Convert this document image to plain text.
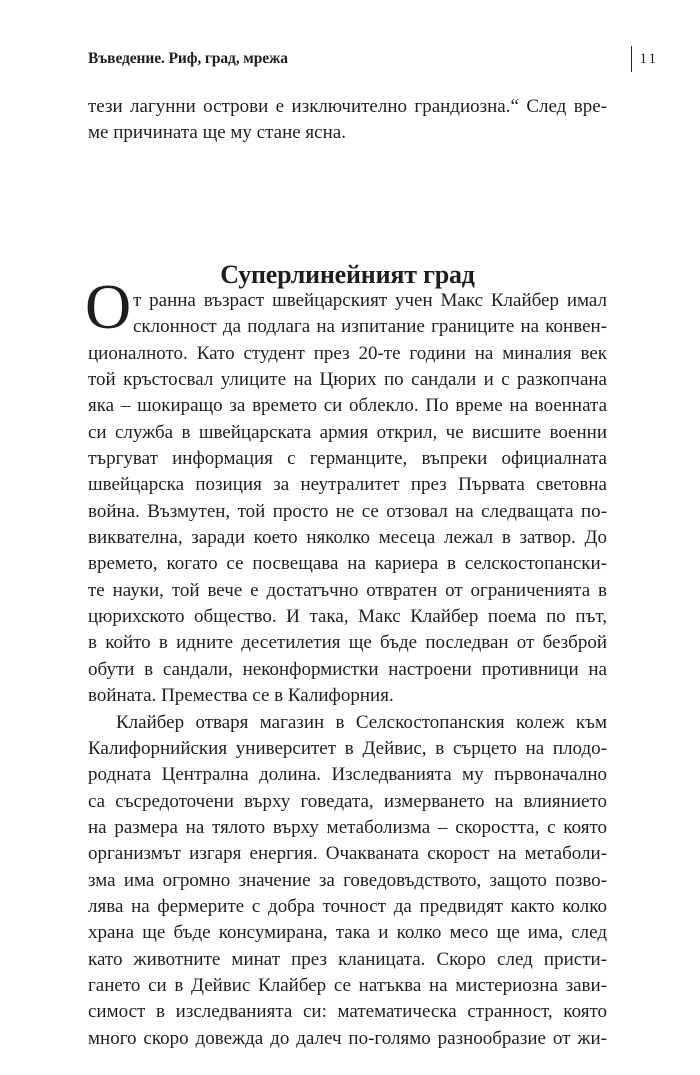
Въведение. Риф, град, мрежа	11
тези лагунни острови е изключително грандиозна.“ След вре-
ме причината ще му стане ясна.
Суперлинейният град
О т ранна възраст швейцарският учен Макс Клайбер имал
склонност да подлага на изпитание границите на конвен-
ционалното. Като студент през 20-те години на миналия век
той кръстосвал улиците на Цюрих по сандали и с разкопчана
яка – шокиращо за времето си облекло. По време на военната
си служба в швейцарската армия открил, че висшите военни
търгуват информация с германците, въпреки официалната
швейцарска позиция за неутралитет през Първата световна
война. Възмутен, той просто не се отзовал на следващата по-
виквателна, заради което няколко месеца лежал в затвор. До
времето, когато се посвещава на кариера в селскостопански-
те науки, той вече е достатъчно отвратен от ограниченията в
цюрихското общество. И така, Макс Клайбер поема по път,
в който в идните десетилетия ще бъде последван от безброй
обути в сандали, неконформистки настроени противници на
войната. Премества се в Калифорния.
Клайбер отваря магазин в Селскостопанския колеж към
Калифорнийския университет в Дейвис, в сърцето на плодо-
родната Централна долина. Изследванията му първоначално
са съсредоточени върху говедата, измерването на влиянието
на размера на тялото върху метаболизма – скоростта, с която
организмът изгаря енергия. Очакваната скорост на метаболи-
зма има огромно значение за говедовъдството, защото позво-
лява на фермерите с добра точност да предвидят както колко
храна ще бъде консумирана, така и колко месо ще има, след
като животните минат през кланицата. Скоро след присти-
гането си в Дейвис Клайбер се натъква на мистериозна зави-
симост в изследванията си: математическа странност, която
много скоро довежда до далеч по-голямо разнообразие от жи-
